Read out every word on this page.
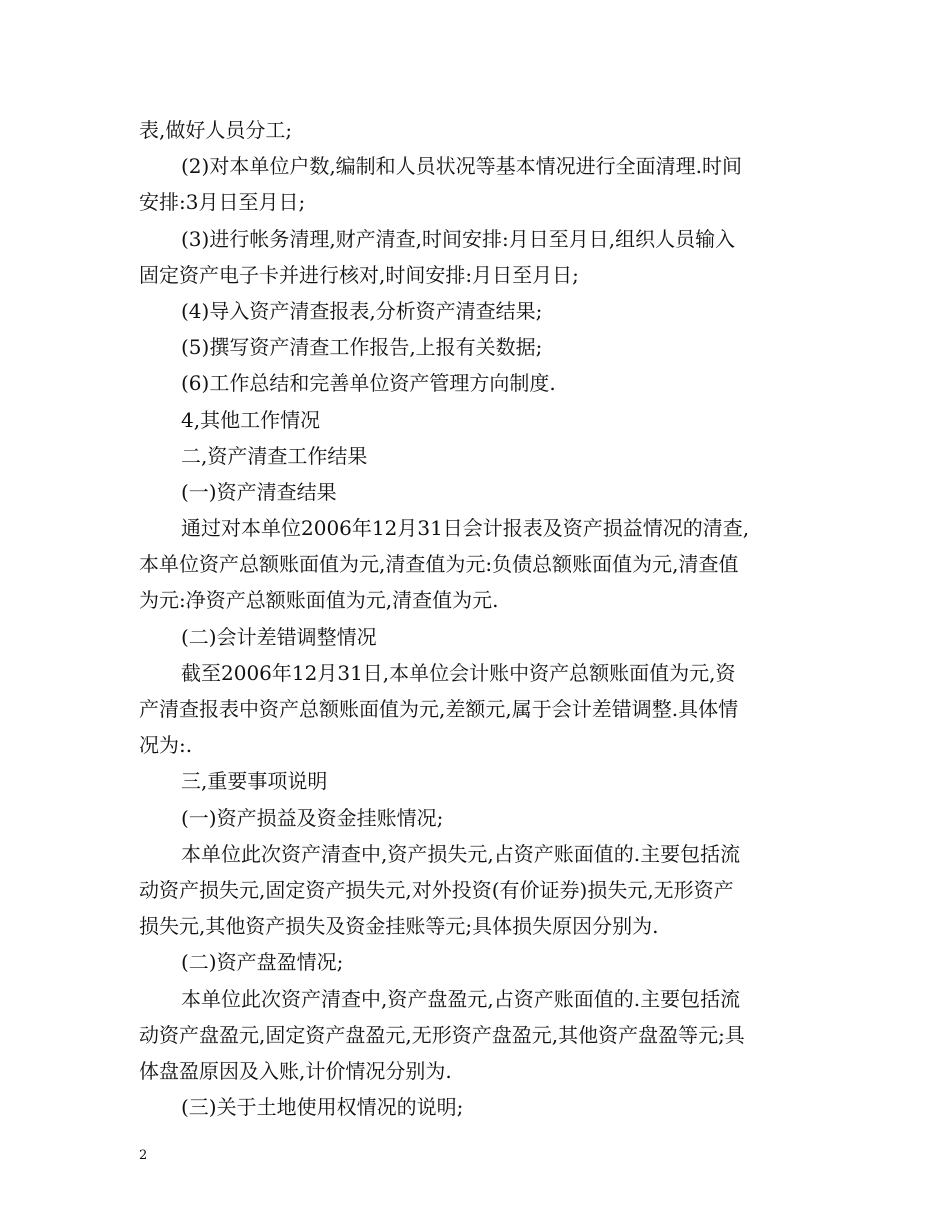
表,做好人员分工;
(2)对本单位户数,编制和人员状况等基本情况进行全面清理.时间
安排:3月日至月日;
(3)进行帐务清理,财产清查,时间安排:月日至月日,组织人员输入
固定资产电子卡并进行核对,时间安排:月日至月日;
(4)导入资产清查报表,分析资产清查结果;
(5)撰写资产清查工作报告,上报有关数据;
(6)工作总结和完善单位资产管理方向制度.
4,其他工作情况
二,资产清查工作结果
(一)资产清查结果
通过对本单位2006年12月31日会计报表及资产损益情况的清查,
本单位资产总额账面值为元,清查值为元:负债总额账面值为元,清查值
为元:净资产总额账面值为元,清查值为元.
(二)会计差错调整情况
截至2006年12月31日,本单位会计账中资产总额账面值为元,资
产清查报表中资产总额账面值为元,差额元,属于会计差错调整.具体情
况为:.
三,重要事项说明
(一)资产损益及资金挂账情况;
本单位此次资产清查中,资产损失元,占资产账面值的.主要包括流
动资产损失元,固定资产损失元,对外投资(有价证券)损失元,无形资产
损失元,其他资产损失及资金挂账等元;具体损失原因分别为.
(二)资产盘盈情况;
本单位此次资产清查中,资产盘盈元,占资产账面值的.主要包括流
动资产盘盈元,固定资产盘盈元,无形资产盘盈元,其他资产盘盈等元;具
体盘盈原因及入账,计价情况分别为.
(三)关于土地使用权情况的说明;
2
